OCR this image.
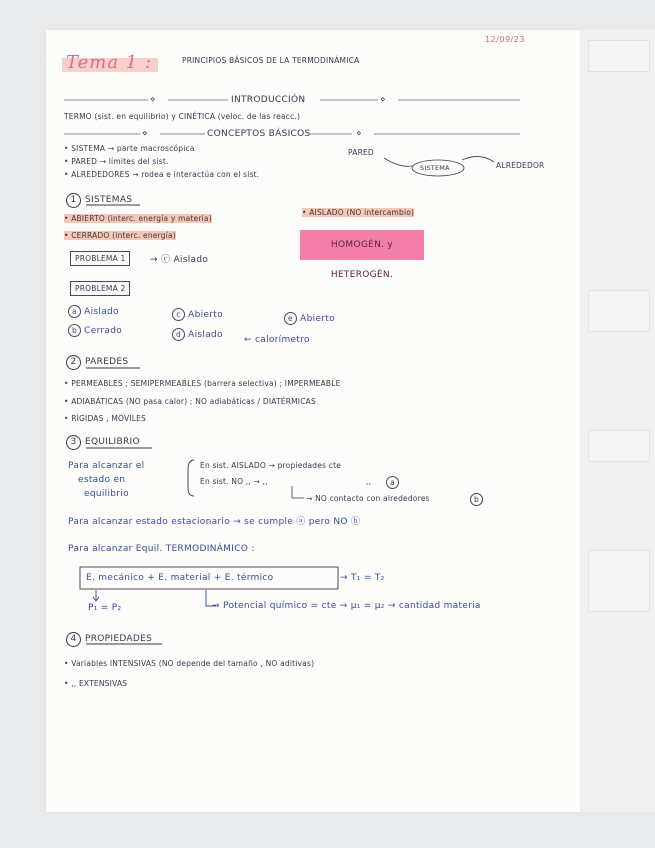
12/09/23
Tema 1 :	PRINCIPIOS BÁSICOS DE LA TERMODINÁMICA
⋄	INTRODUCCIÓN	⋄
TERMO (sist. en equilibrio) y CINÉTICA (veloc. de las reacc.)
⋄	CONCEPTOS BÁSICOS	⋄
• SISTEMA → parte macroscópica
• PARED → límites del sist.
• ALREDEDORES → rodea e interactúa con el sist.
PARED
SISTEMA	ALREDEDOR
1 SISTEMAS
• ABIERTO (interc. energía y materia)
• CERRADO (interc. energía)
• AISLADO (NO intercambio)
HOMOGÉN. y HETEROGÉN.
PROBLEMA 1	→ ⓒ Aislado
PROBLEMA 2
a Aislado
b Cerrado
c Abierto
d Aislado
e Abierto
← calorímetro
2 PAREDES
• PERMEABLES ; SEMIPERMEABLES (barrera selectiva) ; IMPERMEABLE
• ADIABÁTICAS (NO pasa calor) ; NO adiabáticas / DIATÉRMICAS
• RÍGIDAS , MÓVILES
3 EQUILIBRIO
Para alcanzar el
estado en
equilibrio
En sist. AISLADO → propiedades cte
En sist. NO ,, → ,,	,,	a
→ NO contacto con alrededores	b
Para alcanzar estado estacionario → se cumple ⓐ pero NO ⓑ
Para alcanzar Equil. TERMODINÁMICO :
E. mecánico + E. material + E. térmico	→ T₁ = T₂
P₁ = P₂	→ Potencial químico = cte → μ₁ = μ₂ → cantidad materia
4 PROPIEDADES
• Variables INTENSIVAS (NO depende del tamaño , NO aditivas)
• ,, EXTENSIVAS
